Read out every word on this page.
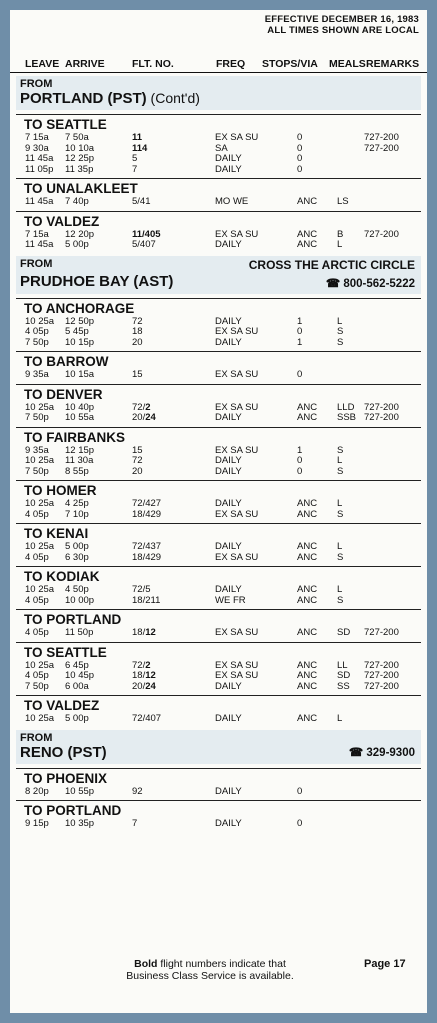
EFFECTIVE DECEMBER 16, 1983
ALL TIMES SHOWN ARE LOCAL
LEAVE ARRIVE	FLT. NO.	FREQ STOPS/VIA MEALS REMARKS
FROM
PORTLAND (PST) (Cont'd)
TO SEATTLE
7 15a 7 50a	11	EX SA SU	0	727-200
9 30a 10 10a	114	SA	0	727-200
11 45a 12 25p	5	DAILY	0
11 05p 11 35p	7	DAILY	0
TO UNALAKLEET
11 45a 7 40p	5/41	MO WE	ANC LS
TO VALDEZ
7 15a 12 20p	11/405	EX SA SU	ANC B 727-200
11 45a 5 00p	5/407	DAILY	ANC L
FROM
PRUDHOE BAY (AST)
CROSS THE ARCTIC CIRCLE
☎ 800-562-5222
TO ANCHORAGE
10 25a 12 50p	72	DAILY	1	L
4 05p 5 45p	18	EX SA SU	0	S
7 50p 10 15p	20	DAILY	1	S
TO BARROW
9 35a 10 15a	15	EX SA SU	0
TO DENVER
10 25a 10 40p	72/2	EX SA SU	ANC LLD 727-200
7 50p 10 55a	20/24	DAILY	ANC SSB 727-200
TO FAIRBANKS
9 35a 12 15p	15	EX SA SU	1	S
10 25a 11 30a	72	DAILY	0	L
7 50p 8 55p	20	DAILY	0	S
TO HOMER
10 25a 4 25p	72/427	DAILY	ANC L
4 05p 7 10p	18/429	EX SA SU	ANC S
TO KENAI
10 25a 5 00p	72/437	DAILY	ANC L
4 05p 6 30p	18/429	EX SA SU	ANC S
TO KODIAK
10 25a 4 50p	72/5	DAILY	ANC L
4 05p 10 00p	18/211	WE FR	ANC S
TO PORTLAND
4 05p 11 50p	18/12	EX SA SU	ANC SD 727-200
TO SEATTLE
10 25a 6 45p	72/2	EX SA SU	ANC LL 727-200
4 05p 10 45p	18/12	EX SA SU	ANC SD 727-200
7 50p 6 00a	20/24	DAILY	ANC SS 727-200
TO VALDEZ
10 25a 5 00p	72/407	DAILY	ANC L
FROM
RENO (PST)	☎ 329-9300
TO PHOENIX
8 20p 10 55p	92	DAILY	0
TO PORTLAND
9 15p 10 35p	7	DAILY	0
Bold flight numbers indicate that
Business Class Service is available.
Page 17
